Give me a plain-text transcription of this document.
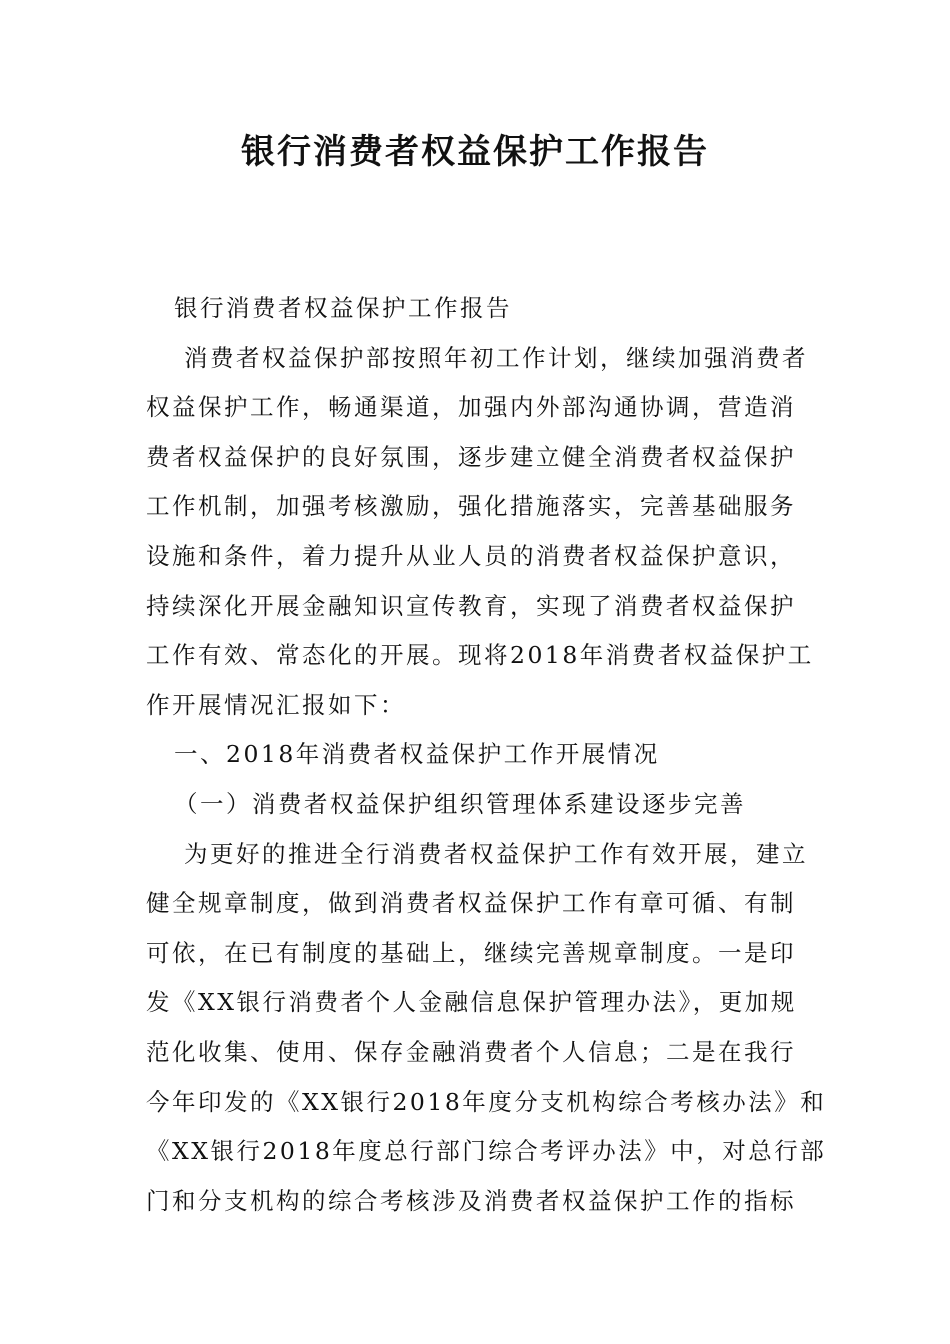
银行消费者权益保护工作报告
银行消费者权益保护工作报告
消费者权益保护部按照年初工作计划，继续加强消费者
权益保护工作，畅通渠道，加强内外部沟通协调，营造消
费者权益保护的良好氛围，逐步建立健全消费者权益保护
工作机制，加强考核激励，强化措施落实，完善基础服务
设施和条件，着力提升从业人员的消费者权益保护意识，
持续深化开展金融知识宣传教育，实现了消费者权益保护
工作有效、常态化的开展。现将2018年消费者权益保护工
作开展情况汇报如下：
一、2018年消费者权益保护工作开展情况
（一）消费者权益保护组织管理体系建设逐步完善
为更好的推进全行消费者权益保护工作有效开展，建立
健全规章制度，做到消费者权益保护工作有章可循、有制
可依，在已有制度的基础上，继续完善规章制度。一是印
发《XX银行消费者个人金融信息保护管理办法》，更加规
范化收集、使用、保存金融消费者个人信息；二是在我行
今年印发的《XX银行2018年度分支机构综合考核办法》和
《XX银行2018年度总行部门综合考评办法》中，对总行部
门和分支机构的综合考核涉及消费者权益保护工作的指标
